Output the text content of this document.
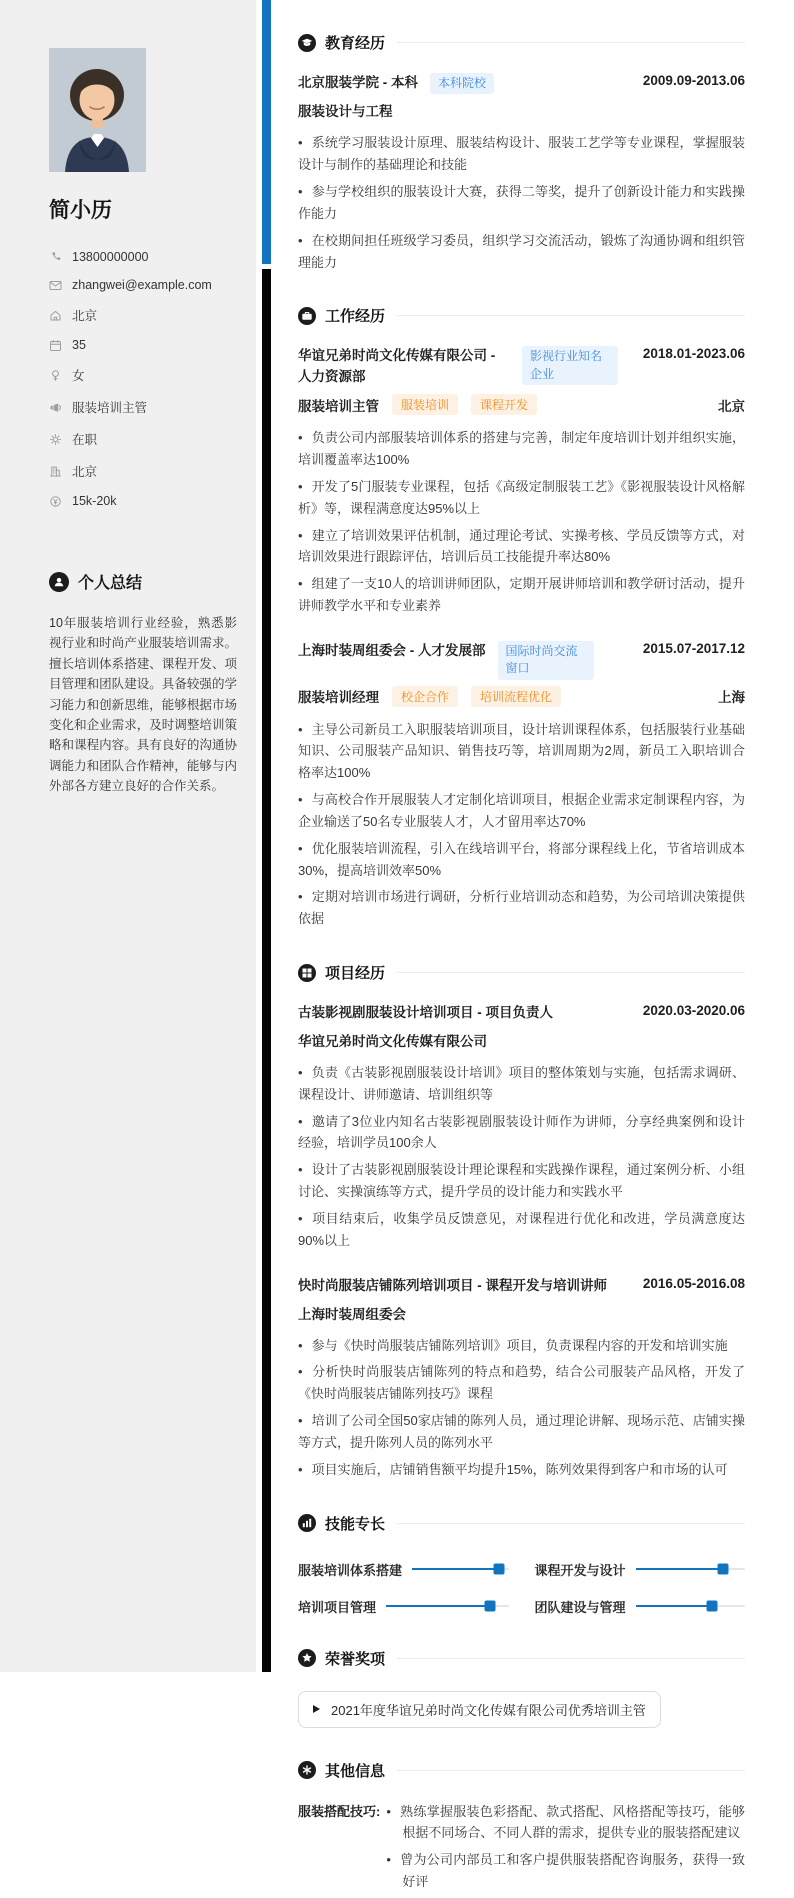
简小历
13800000000
zhangwei@example.com
北京
35
女
服装培训主管
在职
北京
15k-20k
个人总结

10年服装培训行业经验，熟悉影视行业和时尚产业服装培训需求。擅长培训体系搭建、课程开发、项目管理和团队建设。具备较强的学习能力和创新思维，能够根据市场变化和企业需求，及时调整培训策略和课程内容。具有良好的沟通协调能力和团队合作精神，能够与内外部各方建立良好的合作关系。

教育经历
北京服装学院 - 本科	本科院校	2009.09-2013.06
服装设计与工程

• 系统学习服装设计原理、服装结构设计、服装工艺学等专业课程，掌握服装设计与制作的基础理论和技能

• 参与学校组织的服装设计大赛，获得二等奖，提升了创新设计能力和实践操作能力

• 在校期间担任班级学习委员，组织学习交流活动，锻炼了沟通协调和组织管理能力

工作经历
华谊兄弟时尚文化传媒有限公司 - 人力资源部
影视行业知名企业
2018.01-2023.06
服装培训主管	服装培训	课程开发	北京

• 负责公司内部服装培训体系的搭建与完善，制定年度培训计划并组织实施，培训覆盖率达100%

• 开发了5门服装专业课程，包括《高级定制服装工艺》《影视服装设计风格解析》等，课程满意度达95%以上

• 建立了培训效果评估机制，通过理论考试、实操考核、学员反馈等方式，对培训效果进行跟踪评估，培训后员工技能提升率达80%

• 组建了一支10人的培训讲师团队，定期开展讲师培训和教学研讨活动，提升讲师教学水平和专业素养

上海时装周组委会 - 人才发展部	国际时尚交流窗口
2015.07-2017.12
服装培训经理	校企合作	培训流程优化	上海

• 主导公司新员工入职服装培训项目，设计培训课程体系，包括服装行业基础知识、公司服装产品知识、销售技巧等，培训周期为2周，新员工入职培训合格率达100%

• 与高校合作开展服装人才定制化培训项目，根据企业需求定制课程内容，为企业输送了50名专业服装人才，人才留用率达70%

• 优化服装培训流程，引入在线培训平台，将部分课程线上化，节省培训成本30%，提高培训效率50%

• 定期对培训市场进行调研，分析行业培训动态和趋势，为公司培训决策提供依据

项目经历
古装影视剧服装设计培训项目 - 项目负责人	2020.03-2020.06
华谊兄弟时尚文化传媒有限公司

• 负责《古装影视剧服装设计培训》项目的整体策划与实施，包括需求调研、课程设计、讲师邀请、培训组织等

• 邀请了3位业内知名古装影视剧服装设计师作为讲师，分享经典案例和设计经验，培训学员100余人

• 设计了古装影视剧服装设计理论课程和实践操作课程，通过案例分析、小组讨论、实操演练等方式，提升学员的设计能力和实践水平

• 项目结束后，收集学员反馈意见，对课程进行优化和改进，学员满意度达90%以上

快时尚服装店铺陈列培训项目 - 课程开发与培训讲师	2016.05-2016.08
上海时装周组委会

• 参与《快时尚服装店铺陈列培训》项目，负责课程内容的开发和培训实施

• 分析快时尚服装店铺陈列的特点和趋势，结合公司服装产品风格，开发了《快时尚服装店铺陈列技巧》课程

• 培训了公司全国50家店铺的陈列人员，通过理论讲解、现场示范、店铺实操等方式，提升陈列人员的陈列水平

• 项目实施后，店铺销售额平均提升15%，陈列效果得到客户和市场的认可

技能专长
服装培训体系搭建	课程开发与设计
培训项目管理	团队建设与管理
荣誉奖项
2021年度华谊兄弟时尚文化传媒有限公司优秀培训主管
其他信息
服装搭配技巧: • 熟练掌握服装色彩搭配、款式搭配、风格搭配等技巧，能够根据不同场合、不同人群的需求，提供专业的服装搭配建议

• 曾为公司内部员工和客户提供服装搭配咨询服务，获得一致好评
